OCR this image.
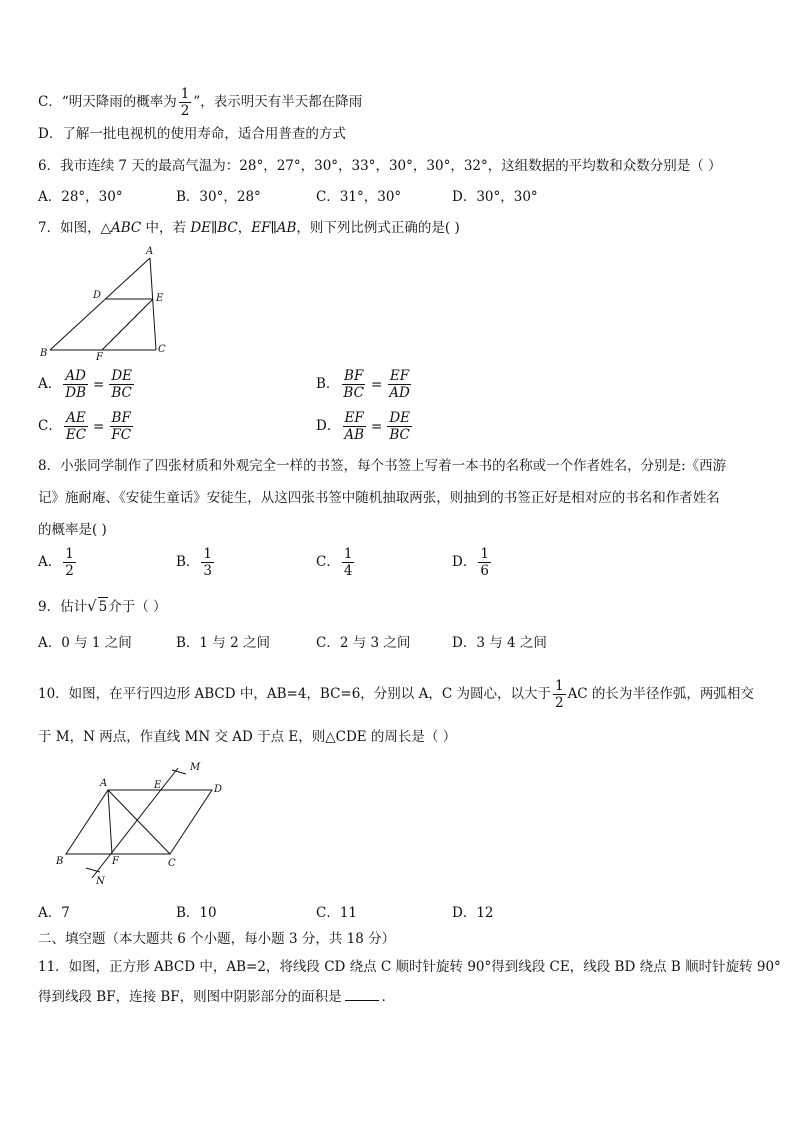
C．“明天降雨的概率为 $\frac{1}{2}$ ”，表示明天有半天都在降雨
D．了解一批电视机的使用寿命，适合用普查的方式
6．我市连续 7 天的最高气温为：28°，27°，30°，33°，30°，30°，32°，这组数据的平均数和众数分别是（ ）
A．28°，30°	B．30°，28°	C．31°，30°	D．30°，30°
7．如图，△ABC 中，若 DE∥BC，EF∥AB，则下列比例式正确的是( )
A
B	C
D	E
F
A． $\frac{AD}{DB} = \frac{DE}{BC}$	B． $\frac{BF}{BC} = \frac{EF}{AD}$
C． $\frac{AE}{EC} = \frac{BF}{FC}$	D． $\frac{EF}{AB} = \frac{DE}{BC}$
8．小张同学制作了四张材质和外观完全一样的书签，每个书签上写着一本书的名称或一个作者姓名，分别是:《西游
记》施耐庵、《安徒生童话》安徒生，从这四张书签中随机抽取两张，则抽到的书签正好是相对应的书名和作者姓名
的概率是( )
A． $\frac{1}{2}$	B． $\frac{1}{3}$	C． $\frac{1}{4}$	D． $\frac{1}{6}$
9．估计√ 5介于（ ）
A．0 与 1 之间	B．1 与 2 之间	C．2 与 3 之间	D．3 与 4 之间
10．如图，在平行四边形 ABCD 中，AB=4，BC=6，分别以 A，C 为圆心，以大于 $\frac{1}{2}$ AC 的长为半径作弧，两弧相交
于 M，N 两点，作直线 MN 交 AD 于点 E，则△CDE 的周长是（ ）
A
B	C
D
E
F
M
N
A．7	B．10	C．11	D．12
二、填空题（本大题共 6 个小题，每小题 3 分，共 18 分）
11．如图，正方形 ABCD 中，AB=2，将线段 CD 绕点 C 顺时针旋转 90°得到线段 CE，线段 BD 绕点 B 顺时针旋转 90°
得到线段 BF，连接 BF，则图中阴影部分的面积是	．
